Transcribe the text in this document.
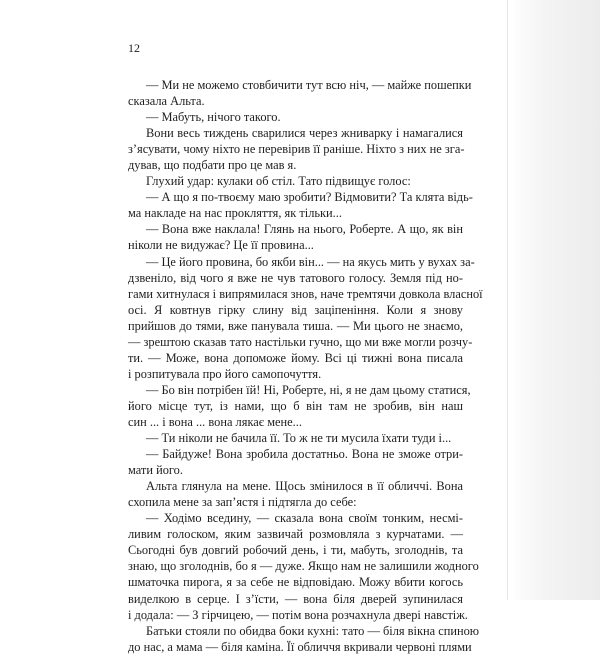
12
— Ми не можемо стовбичити тут всю ніч, — майже пошепки
сказала Альта.
— Мабуть, нічого такого.
Вони весь тиждень сварилися через жниварку і намагалися
з’ясувати, чому ніхто не перевірив її раніше. Ніхто з них не зга-
дував, що подбати про це мав я.
Глухий удар: кулаки об стіл. Тато підвищує голос:
— А що я по-твоєму маю зробити? Відмовити? Та клята відь-
ма накладе на нас прокляття, як тільки...
— Вона вже наклала! Глянь на нього, Роберте. А що, як він
ніколи не видужає? Це її провина...
— Це його провина, бо якби він... — на якусь мить у вухах за-
дзвеніло, від чого я вже не чув татового голосу. Земля під но-
гами хитнулася і випрямилася знов, наче тремтячи довкола власної
осі. Я ковтнув гірку слину від заціпеніння. Коли я знову
прийшов до тями, вже панувала тиша. — Ми цього не знаємо,
— зрештою сказав тато настільки гучно, що ми вже могли розчу-
ти. — Може, вона допоможе йому. Всі ці тижні вона писала
і розпитувала про його самопочуття.
— Бо він потрібен їй! Ні, Роберте, ні, я не дам цьому статися,
його місце тут, із нами, що б він там не зробив, він наш
син ... і вона ... вона лякає мене...
— Ти ніколи не бачила її. То ж не ти мусила їхати туди і...
— Байдуже! Вона зробила достатньо. Вона не зможе отри-
мати його.
Альта глянула на мене. Щось змінилося в її обличчі. Вона
схопила мене за зап’ястя і підтягла до себе:
— Ходімо вседину, — сказала вона своїм тонким, несмі-
ливим голоском, яким зазвичай розмовляла з курчатами. —
Сьогодні був довгий робочий день, і ти, мабуть, зголоднів, та
знаю, що зголоднів, бо я — дуже. Якщо нам не залишили жодного
шматочка пирога, я за себе не відповідаю. Можу вбити когось
виделкою в серце. І з’їсти, — вона біля дверей зупинилася
і додала: — З гірчицею, — потім вона розчахнула двері навстіж.
Батьки стояли по обидва боки кухні: тато — біля вікна спиною
до нас, а мама — біля каміна. Її обличчя вкривали червоні плями
